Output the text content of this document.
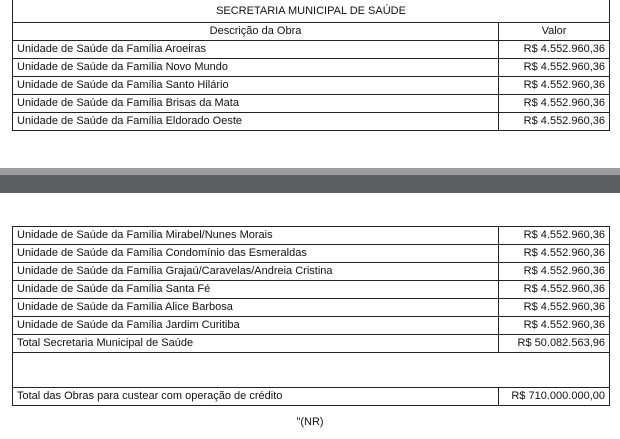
SECRETARIA MUNICIPAL DE SAÚDE	
Descrição da Obra	Valor
Unidade de Saúde da Família Aroeiras	R$ 4.552.960,36
Unidade de Saúde da Família Novo Mundo	R$ 4.552.960,36
Unidade de Saúde da Família Santo Hilário	R$ 4.552.960,36
Unidade de Saúde da Família Brisas da Mata	R$ 4.552.960,36
Unidade de Saúde da Família Eldorado Oeste	R$ 4.552.960,36
Unidade de Saúde da Família Mirabel/Nunes Morais	R$ 4.552.960,36
Unidade de Saúde da Família Condomínio das Esmeraldas	R$ 4.552.960,36
Unidade de Saúde da Família Grajaú/Caravelas/Andreia Cristina	R$ 4.552.960,36
Unidade de Saúde da Família Santa Fé	R$ 4.552.960,36
Unidade de Saúde da Família Alice Barbosa	R$ 4.552.960,36
Unidade de Saúde da Família Jardim Curitiba	R$ 4.552.960,36
Total Secretaria Municipal de Saúde	R$ 50.082.563,96

Total das Obras para custear com operação de crédito	R$ 710.000.000,00
"(NR)
